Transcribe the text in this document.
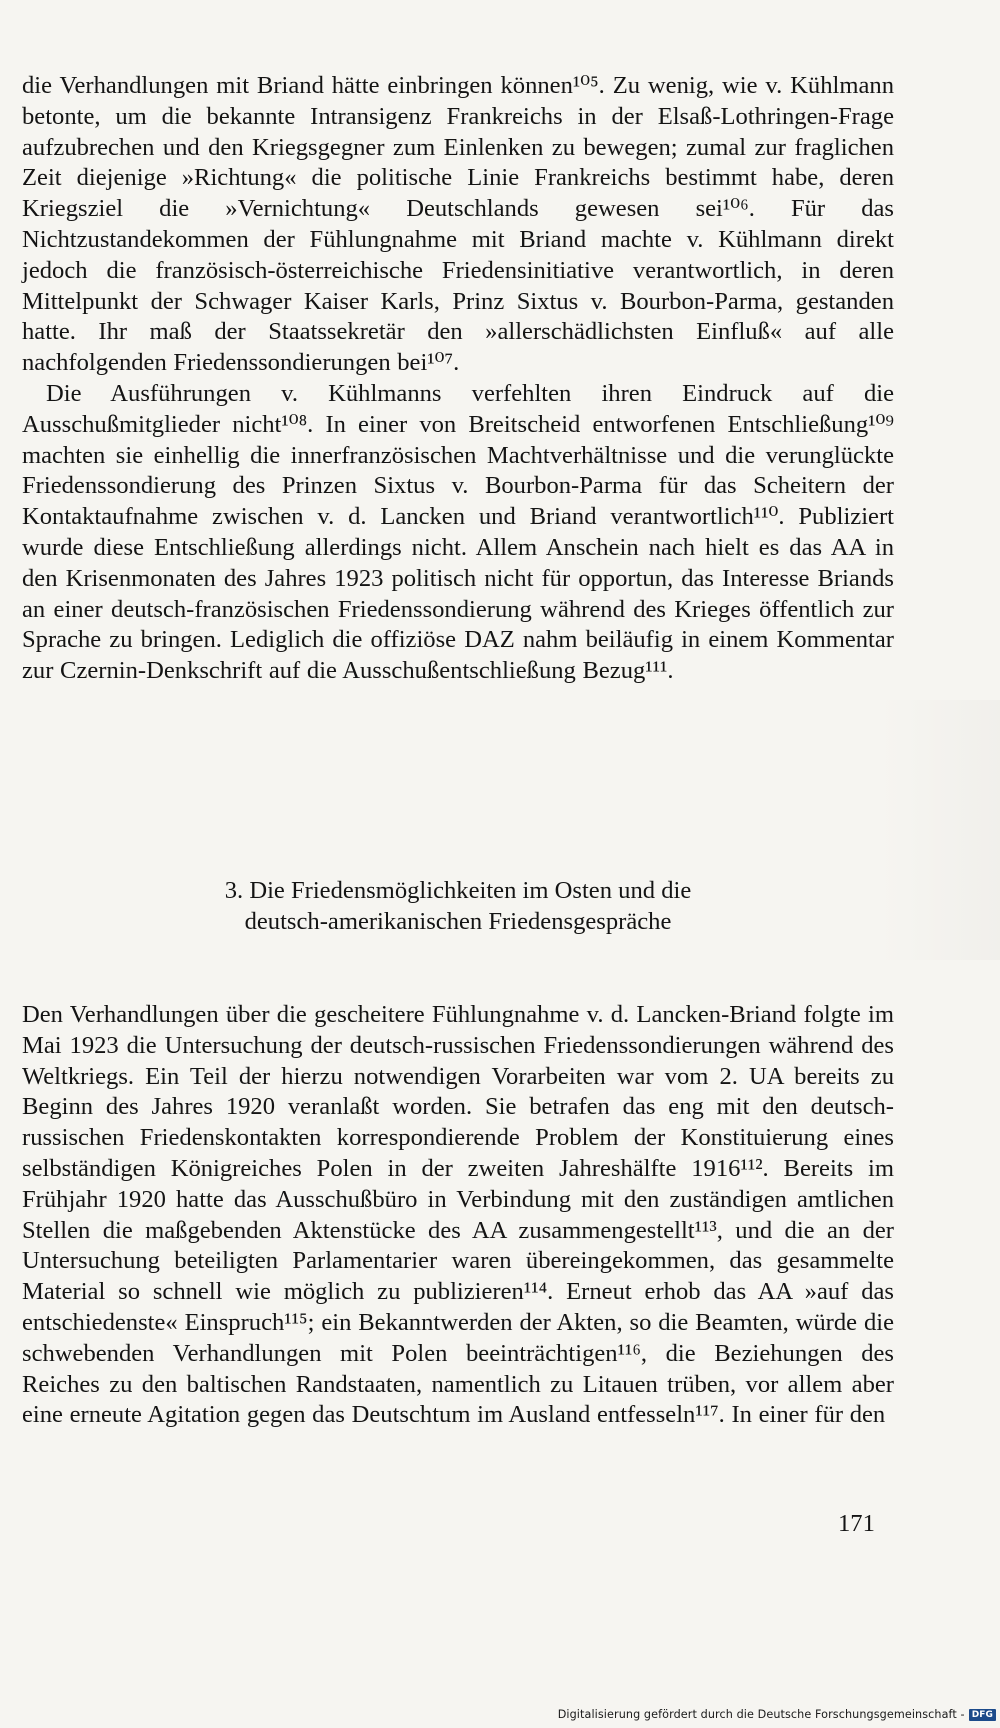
die Verhandlungen mit Briand hätte einbringen können¹⁰⁵. Zu wenig, wie v. Kühlmann betonte, um die bekannte Intransigenz Frankreichs in der Elsaß-Lothringen-Frage aufzubrechen und den Kriegsgegner zum Einlenken zu bewegen; zumal zur fraglichen Zeit diejenige »Richtung« die politische Linie Frankreichs bestimmt habe, deren Kriegsziel die »Vernichtung« Deutschlands gewesen sei¹⁰⁶. Für das Nichtzustandekommen der Fühlungnahme mit Briand machte v. Kühlmann direkt jedoch die französisch-österreichische Friedensinitiative verantwortlich, in deren Mittelpunkt der Schwager Kaiser Karls, Prinz Sixtus v. Bourbon-Parma, gestanden hatte. Ihr maß der Staatssekretär den »allerschädlichsten Einfluß« auf alle nachfolgenden Friedenssondierungen bei¹⁰⁷.

Die Ausführungen v. Kühlmanns verfehlten ihren Eindruck auf die Ausschußmitglieder nicht¹⁰⁸. In einer von Breitscheid entworfenen Entschließung¹⁰⁹ machten sie einhellig die innerfranzösischen Machtverhältnisse und die verunglückte Friedenssondierung des Prinzen Sixtus v. Bourbon-Parma für das Scheitern der Kontaktaufnahme zwischen v. d. Lancken und Briand verantwortlich¹¹⁰. Publiziert wurde diese Entschließung allerdings nicht. Allem Anschein nach hielt es das AA in den Krisenmonaten des Jahres 1923 politisch nicht für opportun, das Interesse Briands an einer deutsch-französischen Friedenssondierung während des Krieges öffentlich zur Sprache zu bringen. Lediglich die offiziöse DAZ nahm beiläufig in einem Kommentar zur Czernin-Denkschrift auf die Ausschußentschließung Bezug¹¹¹.

3. Die Friedensmöglichkeiten im Osten und die
deutsch-amerikanischen Friedensgespräche

Den Verhandlungen über die gescheitere Fühlungnahme v. d. Lancken-Briand folgte im Mai 1923 die Untersuchung der deutsch-russischen Friedenssondierungen während des Weltkriegs. Ein Teil der hierzu notwendigen Vorarbeiten war vom 2. UA bereits zu Beginn des Jahres 1920 veranlaßt worden. Sie betrafen das eng mit den deutsch-russischen Friedenskontakten korrespondierende Problem der Konstituierung eines selbständigen Königreiches Polen in der zweiten Jahreshälfte 1916¹¹². Bereits im Frühjahr 1920 hatte das Ausschußbüro in Verbindung mit den zuständigen amtlichen Stellen die maßgebenden Aktenstücke des AA zusammengestellt¹¹³, und die an der Untersuchung beteiligten Parlamentarier waren übereingekommen, das gesammelte Material so schnell wie möglich zu publizieren¹¹⁴. Erneut erhob das AA »auf das entschiedenste« Einspruch¹¹⁵; ein Bekanntwerden der Akten, so die Beamten, würde die schwebenden Verhandlungen mit Polen beeinträchtigen¹¹⁶, die Beziehungen des Reiches zu den baltischen Randstaaten, namentlich zu Litauen trüben, vor allem aber eine erneute Agitation gegen das Deutschtum im Ausland entfesseln¹¹⁷. In einer für den

171
Digitalisierung gefördert durch die Deutsche Forschungsgemeinschaft - DFG
